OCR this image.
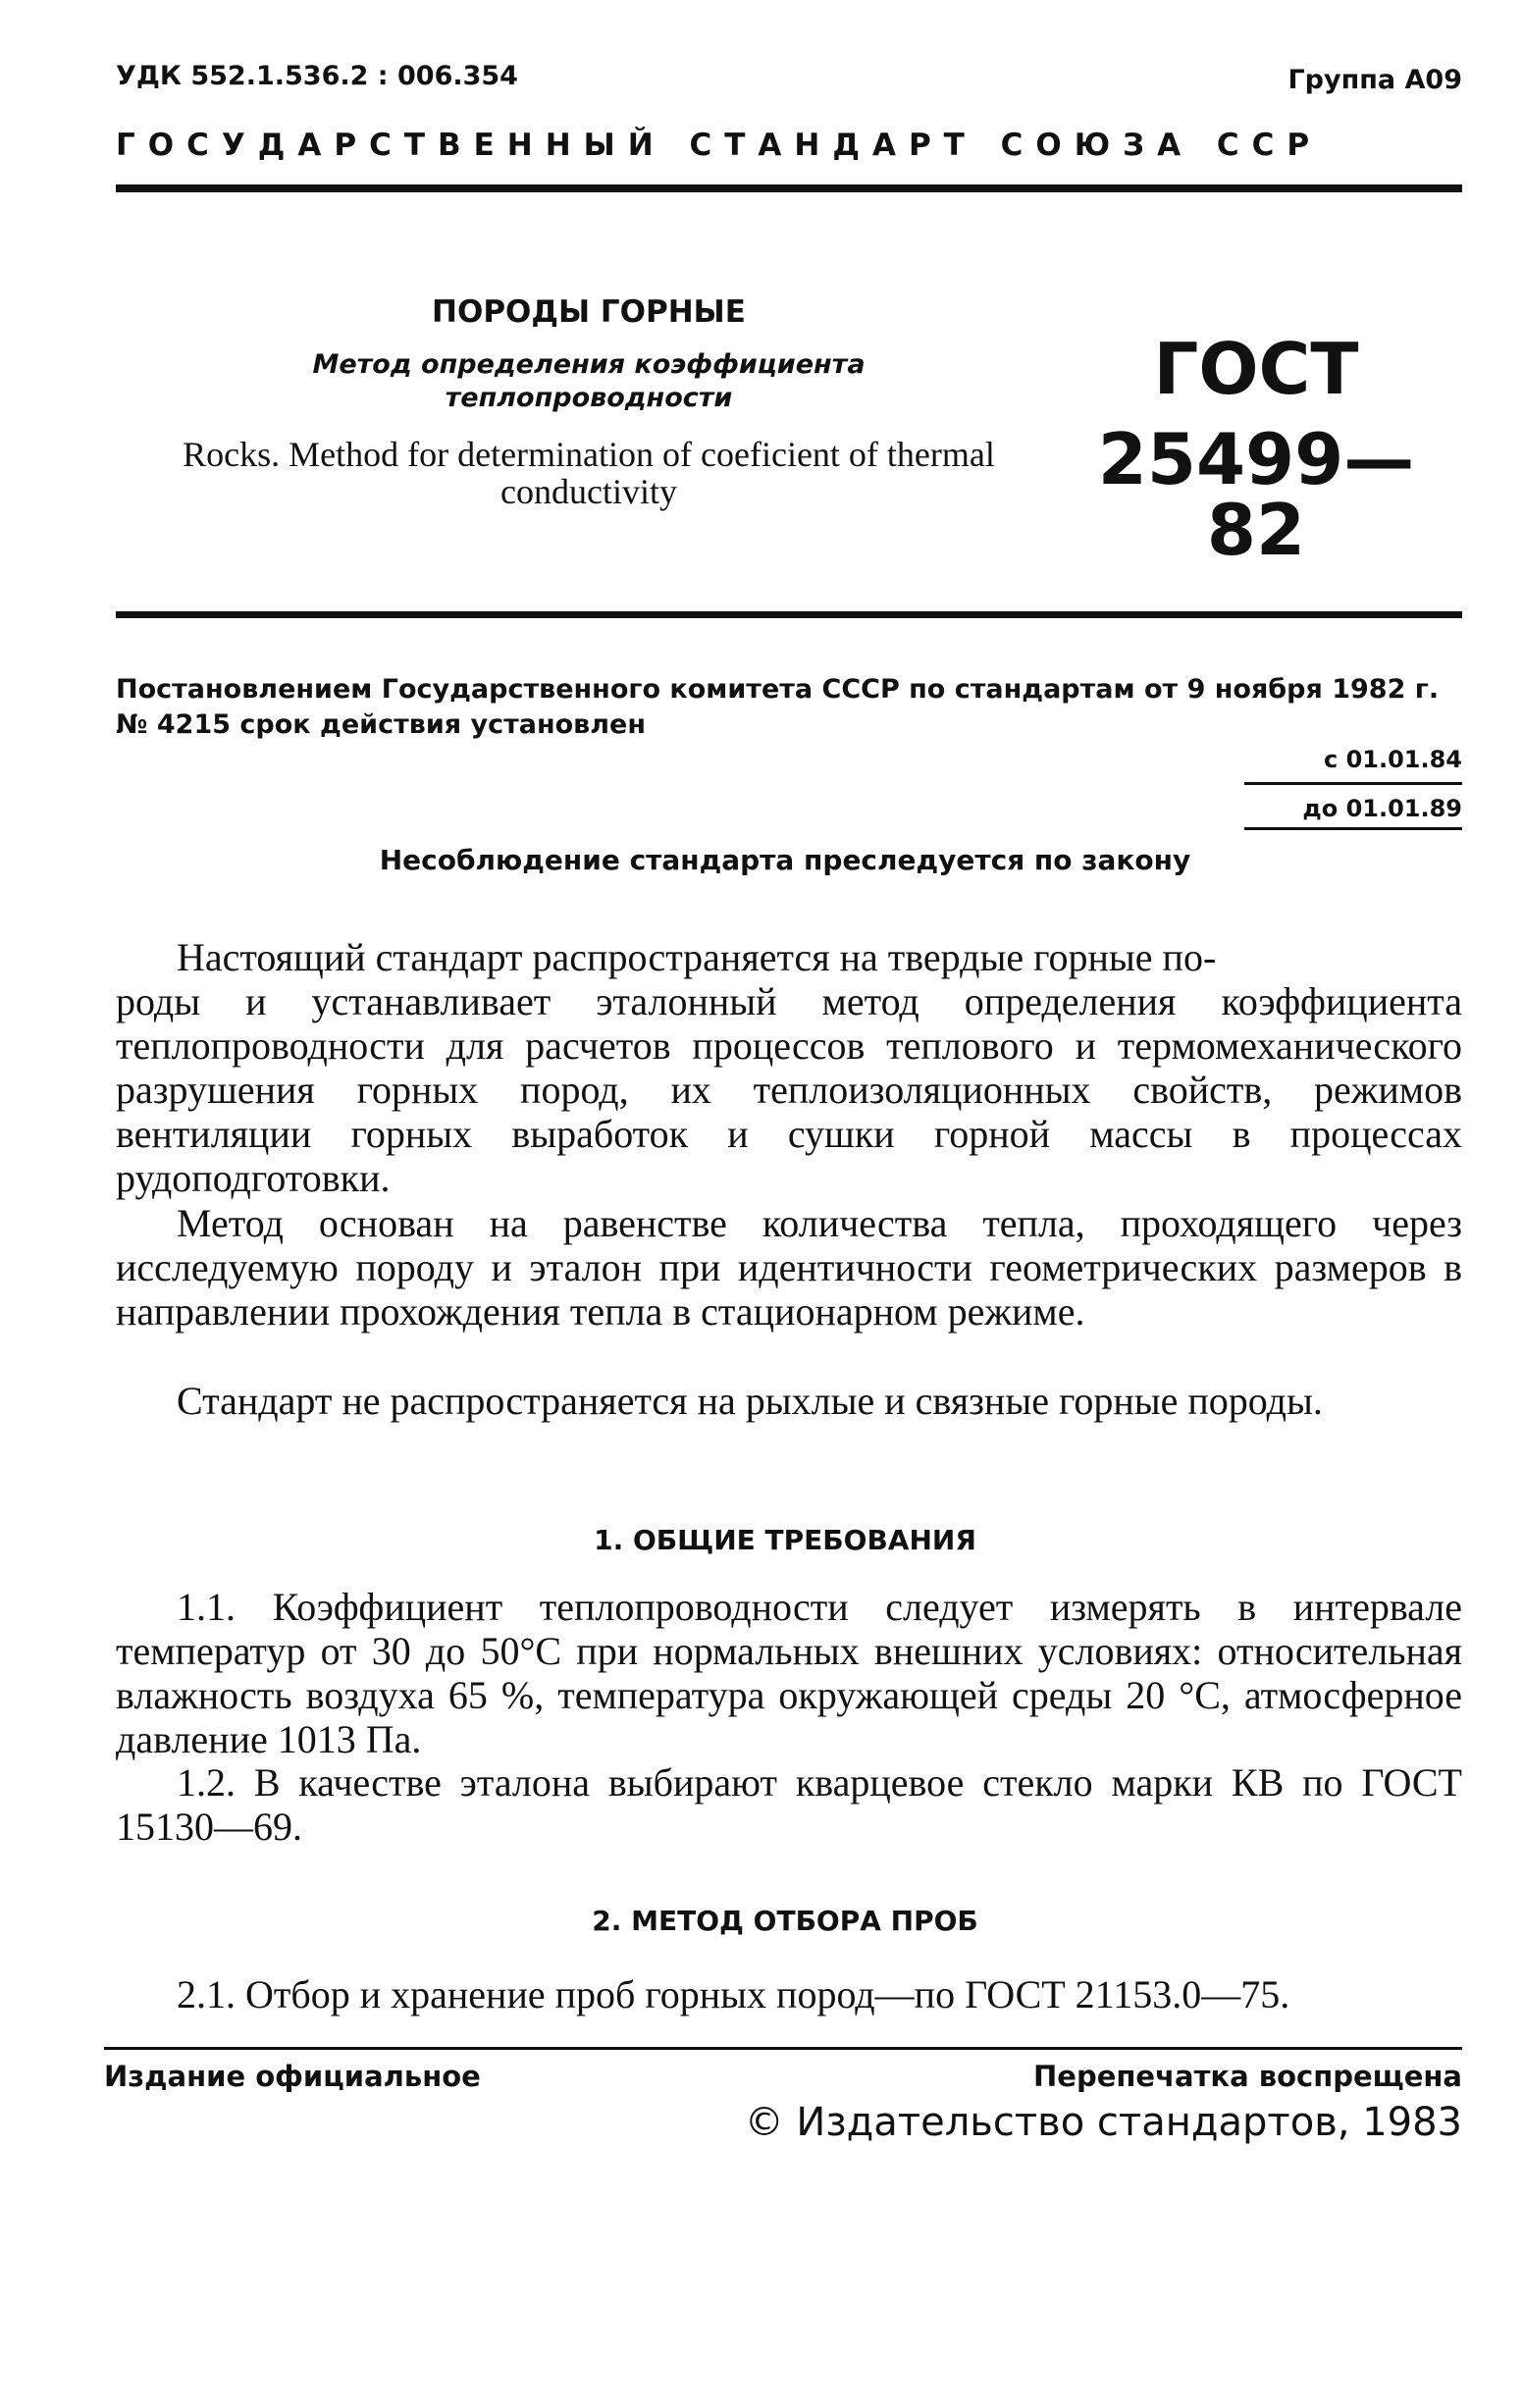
УДК 552.1.536.2 : 006.354	Группа А09
ГОСУДАРСТВЕННЫЙ СТАНДАРТ СОЮЗА ССР
ПОРОДЫ ГОРНЫЕ
Метод определения коэффициента теплопроводности
Rocks. Method for determination of coeficient of thermal conductivity
ГОСТ
25499—82
Постановлением Государственного комитета СССР по стандартам от 9 ноября 1982 г. № 4215 срок действия установлен
с 01.01.84
до 01.01.89
Несоблюдение стандарта преследуется по закону
Настоящий стандарт распространяется на твердые горные по-
роды и устанавливает эталонный метод определения коэффициента теплопроводности для расчетов процессов теплового и термомеханического разрушения горных пород, их теплоизоляционных свойств, режимов вентиляции горных выработок и сушки горной массы в процессах рудоподготовки.
Метод основан на равенстве количества тепла, проходящего через исследуемую породу и эталон при идентичности геометрических размеров в направлении прохождения тепла в стационарном режиме.
Стандарт не распространяется на рыхлые и связные горные породы.
1. ОБЩИЕ ТРЕБОВАНИЯ
1.1. Коэффициент теплопроводности следует измерять в интервале температур от 30 до 50°С при нормальных внешних условиях: относительная влажность воздуха 65 %, температура окружающей среды 20 °С, атмосферное давление 1013 Па.
1.2. В качестве эталона выбирают кварцевое стекло марки КВ по ГОСТ 15130—69.
2. МЕТОД ОТБОРА ПРОБ
2.1. Отбор и хранение проб горных пород—по ГОСТ 21153.0—75.
Издание официальное	Перепечатка воспрещена
© Издательство стандартов, 1983
